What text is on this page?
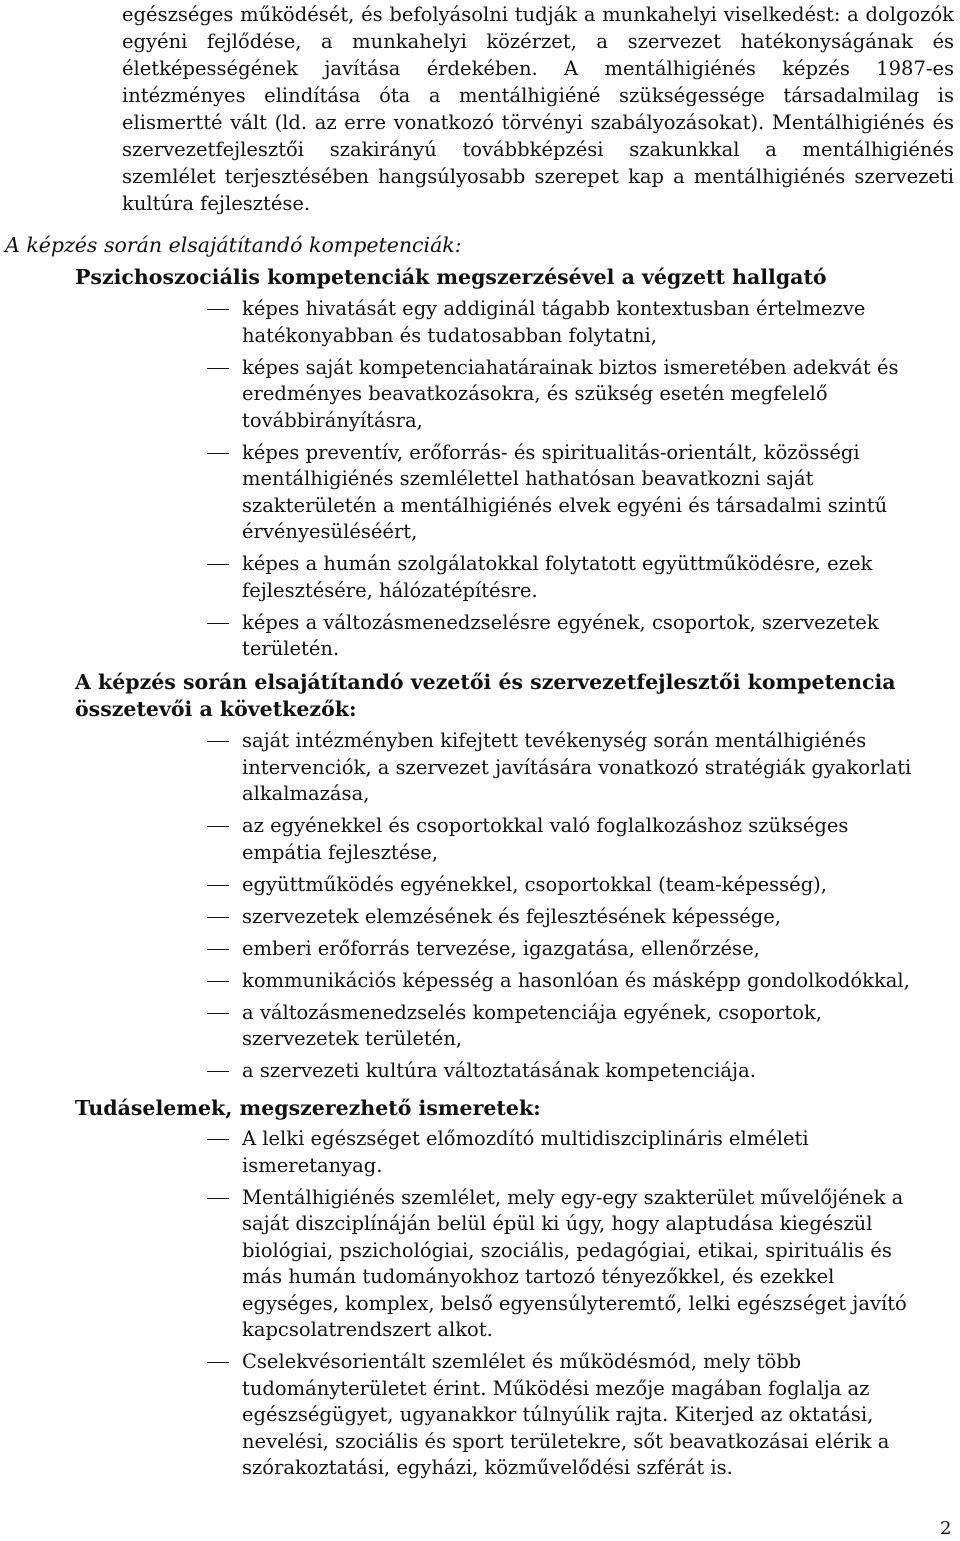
egészséges működését, és befolyásolni tudják a munkahelyi viselkedést: a dolgozók egyéni fejlődése, a munkahelyi közérzet, a szervezet hatékonyságának és életképességének javítása érdekében. A mentálhigiénés képzés 1987-es intézményes elindítása óta a mentálhigiéné szükségessége társadalmilag is elismertté vált (ld. az erre vonatkozó törvényi szabályozásokat). Mentálhigiénés és szervezetfejlesztői szakirányú továbbképzési szakunkkal a mentálhigiénés szemlélet terjesztésében hangsúlyosabb szerepet kap a mentálhigiénés szervezeti kultúra fejlesztése.

A képzés során elsajátítandó kompetenciák:

Pszichoszociális kompetenciák megszerzésével a végzett hallgató

képes hivatását egy addiginál tágabb kontextusban értelmezve hatékonyabban és tudatosabban folytatni,
képes saját kompetenciahatárainak biztos ismeretében adekvát és eredményes beavatkozásokra, és szükség esetén megfelelő továbbirányításra,
képes preventív, erőforrás- és spiritualitás-orientált, közösségi mentálhigiénés szemlélettel hathatósan beavatkozni saját szakterületén a mentálhigiénés elvek egyéni és társadalmi szintű érvényesüléséért,
képes a humán szolgálatokkal folytatott együttműködésre, ezek fejlesztésére, hálózatépítésre.
képes a változásmenedzselésre egyének, csoportok, szervezetek területén.

A képzés során elsajátítandó vezetői és szervezetfejlesztői kompetencia összetevői a következők:

saját intézményben kifejtett tevékenység során mentálhigiénés intervenciók, a szervezet javítására vonatkozó stratégiák gyakorlati alkalmazása,
az egyénekkel és csoportokkal való foglalkozáshoz szükséges empátia fejlesztése,
együttműködés egyénekkel, csoportokkal (team-képesség),
szervezetek elemzésének és fejlesztésének képessége,
emberi erőforrás tervezése, igazgatása, ellenőrzése,
kommunikációs képesség a hasonlóan és másképp gondolkodókkal,
a változásmenedzselés kompetenciája egyének, csoportok, szervezetek területén,
a szervezeti kultúra változtatásának kompetenciája.

Tudáselemek, megszerezhető ismeretek:

A lelki egészséget előmozdító multidiszciplináris elméleti ismeretanyag.
Mentálhigiénés szemlélet, mely egy-egy szakterület művelőjének a saját diszciplínáján belül épül ki úgy, hogy alaptudása kiegészül biológiai, pszichológiai, szociális, pedagógiai, etikai, spirituális és más humán tudományokhoz tartozó tényezőkkel, és ezekkel egységes, komplex, belső egyensúlyteremtő, lelki egészséget javító kapcsolatrendszert alkot.
Cselekvésorientált szemlélet és működésmód, mely több tudományterületet érint. Működési mezője magában foglalja az egészségügyet, ugyanakkor túlnyúlik rajta. Kiterjed az oktatási, nevelési, szociális és sport területekre, sőt beavatkozásai elérik a szórakoztatási, egyházi, közművelődési szférát is.
2
